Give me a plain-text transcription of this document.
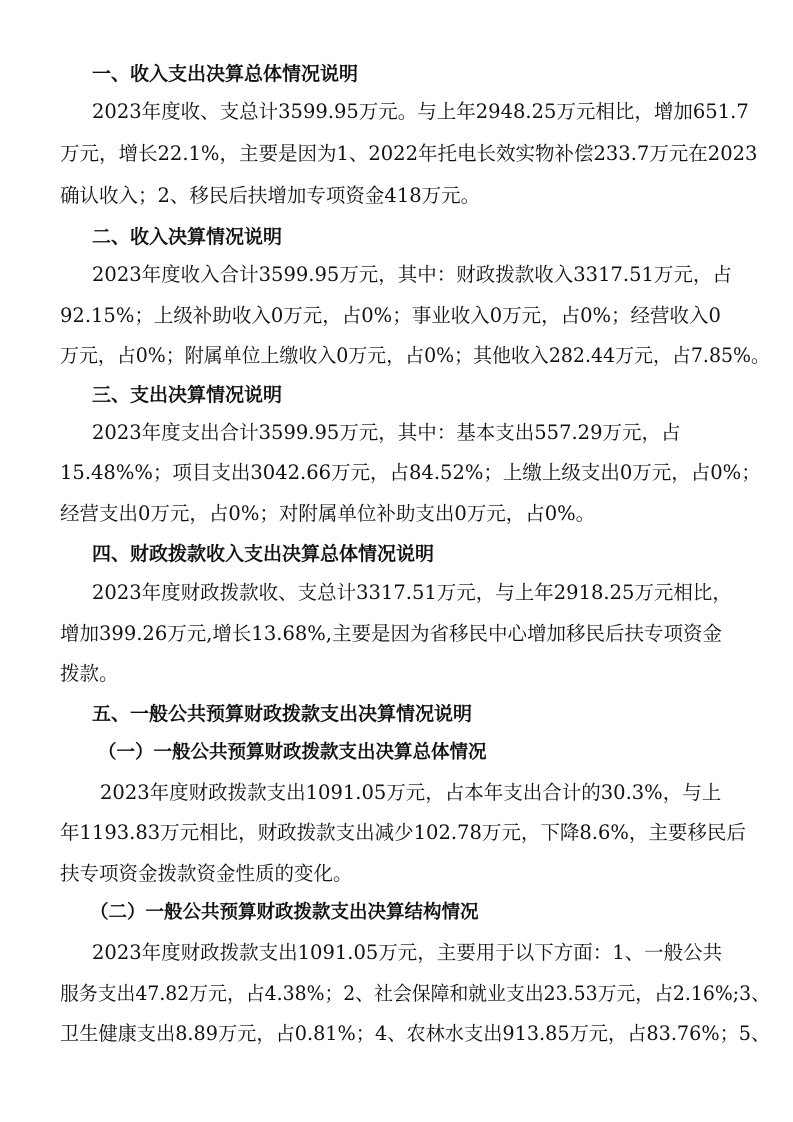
一、收入支出决算总体情况说明

2023年度收、支总计3599.95万元。与上年2948.25万元相比，增加651.7

万元，增长22.1%，主要是因为1、2022年托电长效实物补偿233.7万元在2023

确认收入；2、移民后扶增加专项资金418万元。

二、收入决算情况说明

2023年度收入合计3599.95万元，其中：财政拨款收入3317.51万元，占

92.15%；上级补助收入0万元，占0%；事业收入0万元，占0%；经营收入0

万元，占0%；附属单位上缴收入0万元，占0%；其他收入282.44万元，占7.85%。

三、支出决算情况说明

2023年度支出合计3599.95万元，其中：基本支出557.29万元，占

15.48%%；项目支出3042.66万元，占84.52%；上缴上级支出0万元，占0%；

经营支出0万元，占0%；对附属单位补助支出0万元，占0%。

四、财政拨款收入支出决算总体情况说明

2023年度财政拨款收、支总计3317.51万元，与上年2918.25万元相比，

增加399.26万元,增长13.68%,主要是因为省移民中心增加移民后扶专项资金

拨款。

五、一般公共预算财政拨款支出决算情况说明

（一）一般公共预算财政拨款支出决算总体情况

2023年度财政拨款支出1091.05万元，占本年支出合计的30.3%，与上

年1193.83万元相比，财政拨款支出减少102.78万元，下降8.6%，主要移民后

扶专项资金拨款资金性质的变化。

（二）一般公共预算财政拨款支出决算结构情况

2023年度财政拨款支出1091.05万元，主要用于以下方面：1、一般公共

服务支出47.82万元，占4.38%；2、社会保障和就业支出23.53万元，占2.16%;3、

卫生健康支出8.89万元，占0.81%；4、农林水支出913.85万元，占83.76%；5、
